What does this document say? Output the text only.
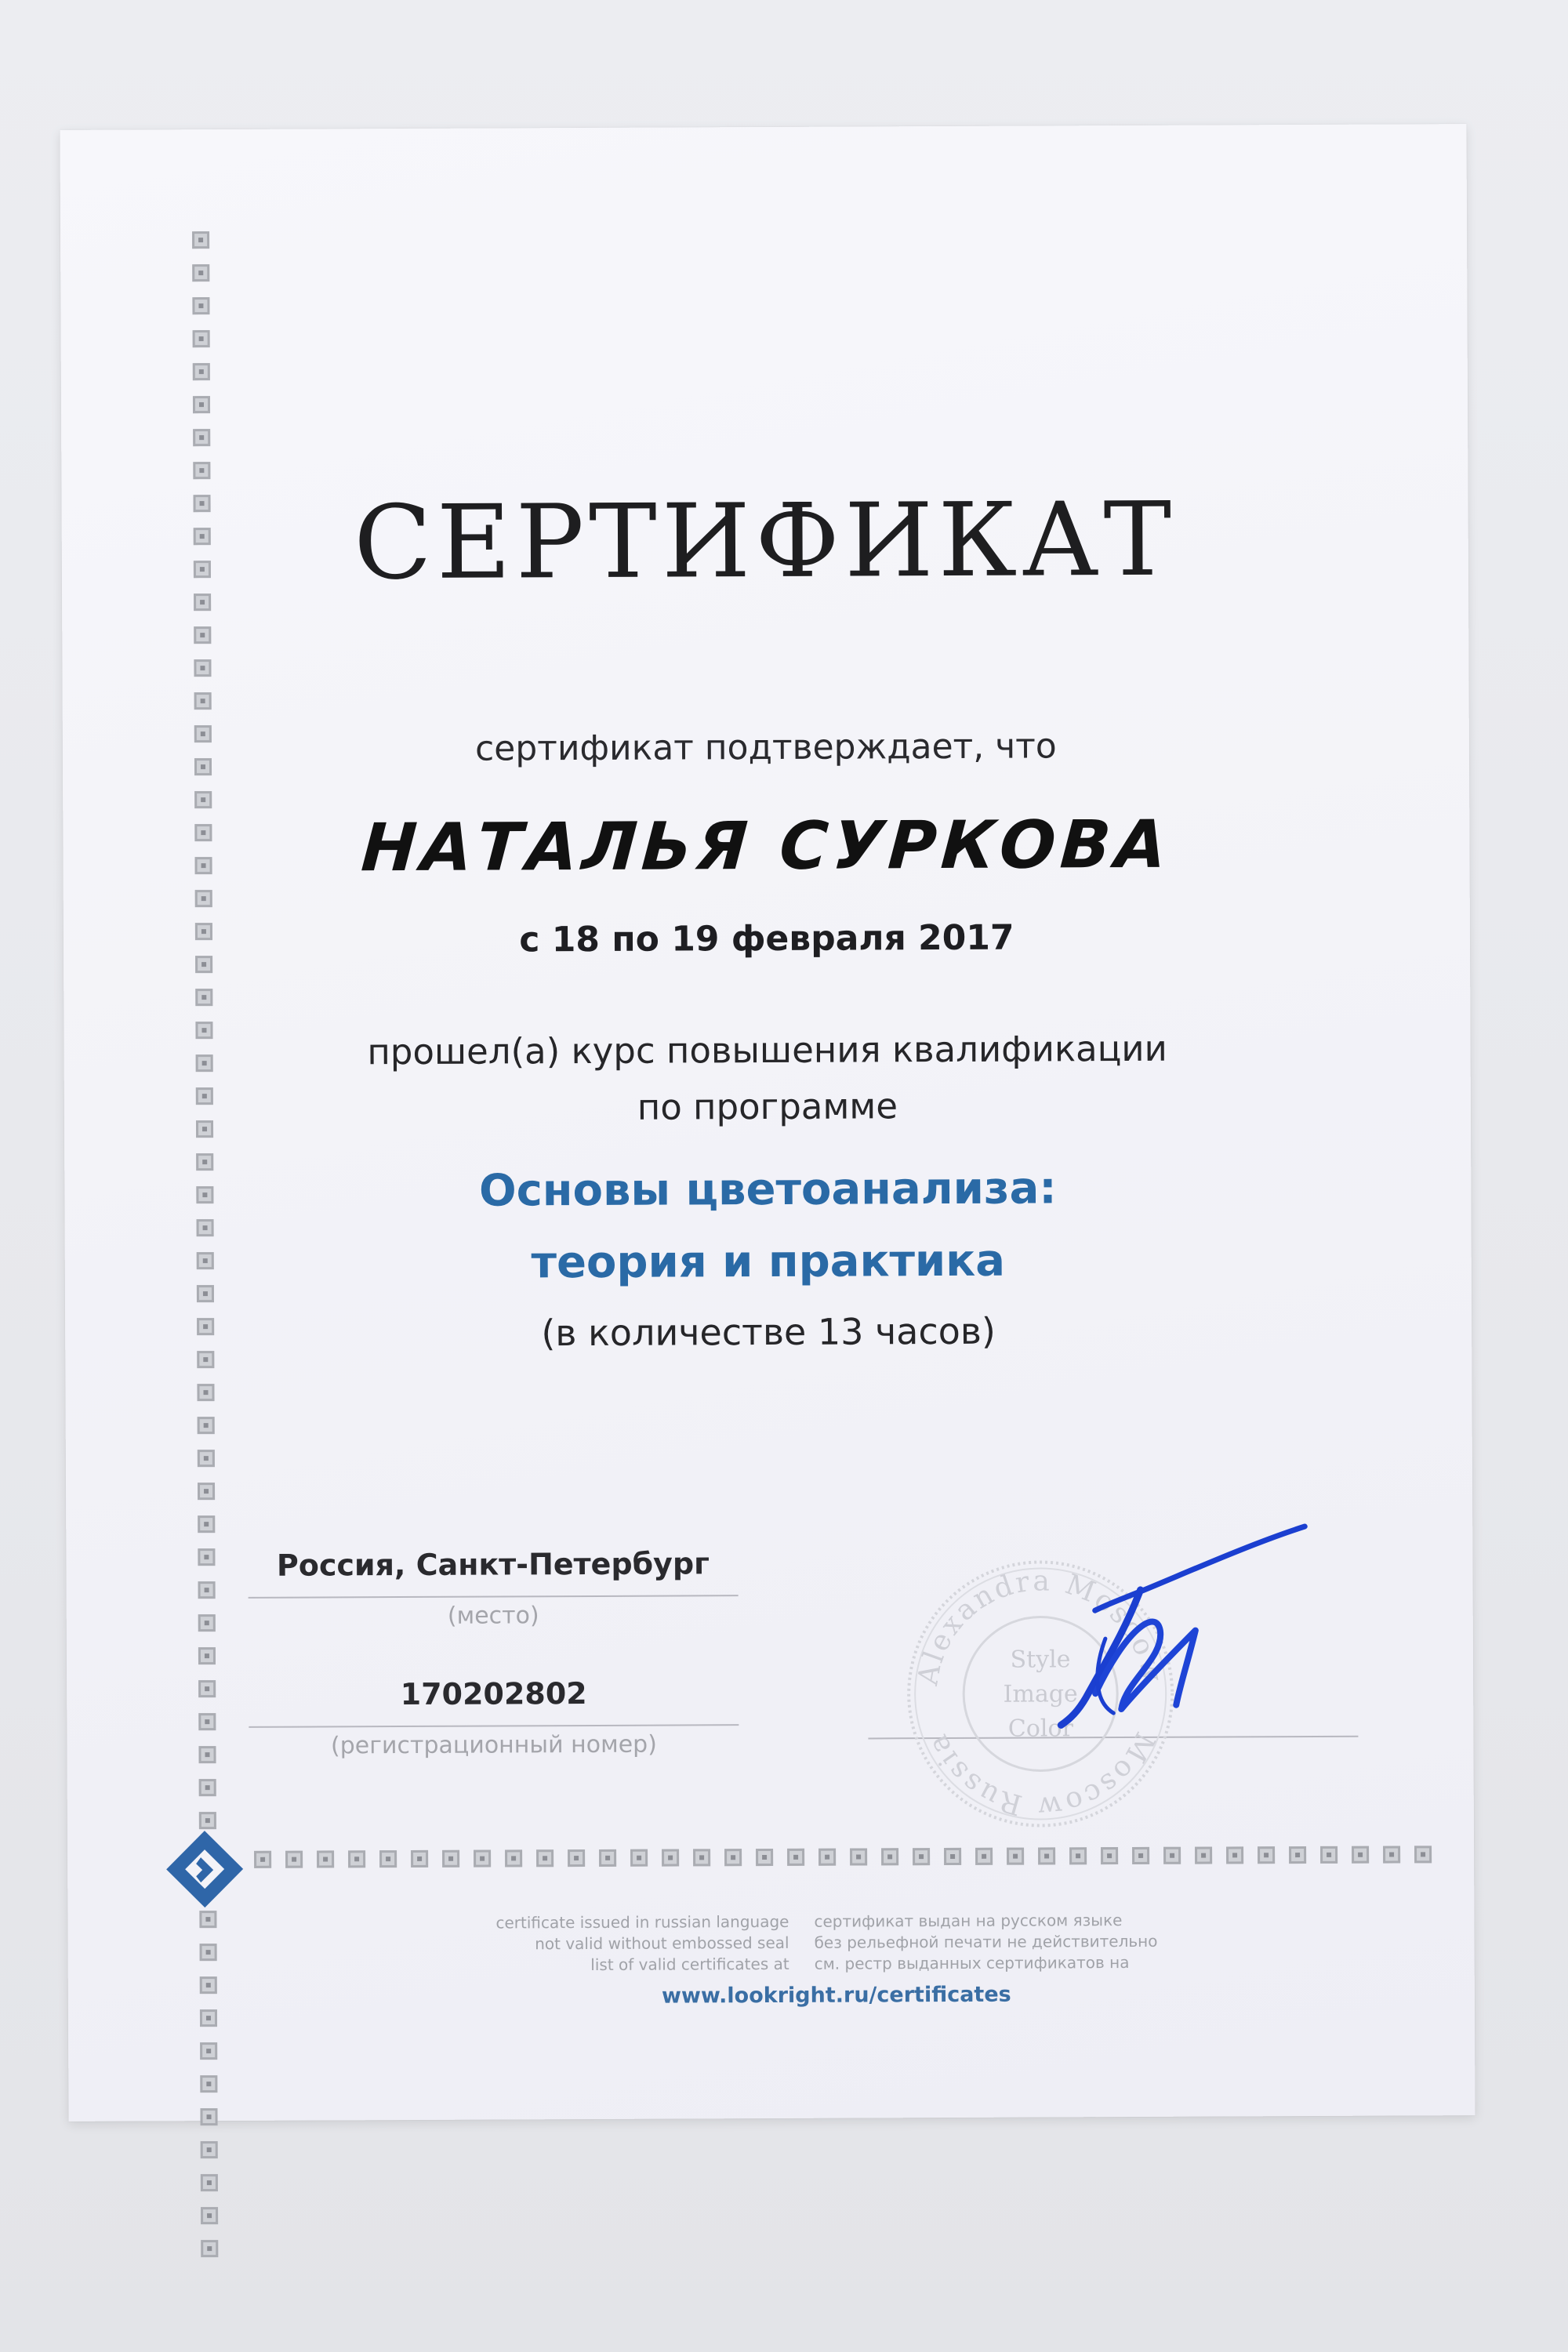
СЕРТИФИКАТ
сертификат подтверждает, что
НАТАЛЬЯ СУРКОВА
с 18 по 19 февраля 2017
прошел(а) курс повышения квалификации
по программе
Основы цветоанализа:
теория и практика
(в количестве 13 часов)
Россия, Санкт-Петербург
(место)
170202802
(регистрационный номер)
Alexandra Moscow
Moscow Russia
Style
Image
Color
certificate issued in russian language
not valid without embossed seal
list of valid certificates at
сертификат выдан на русском языке
без рельефной печати не действительно
см. рестр выданных сертификатов на
www.lookright.ru/certificates
